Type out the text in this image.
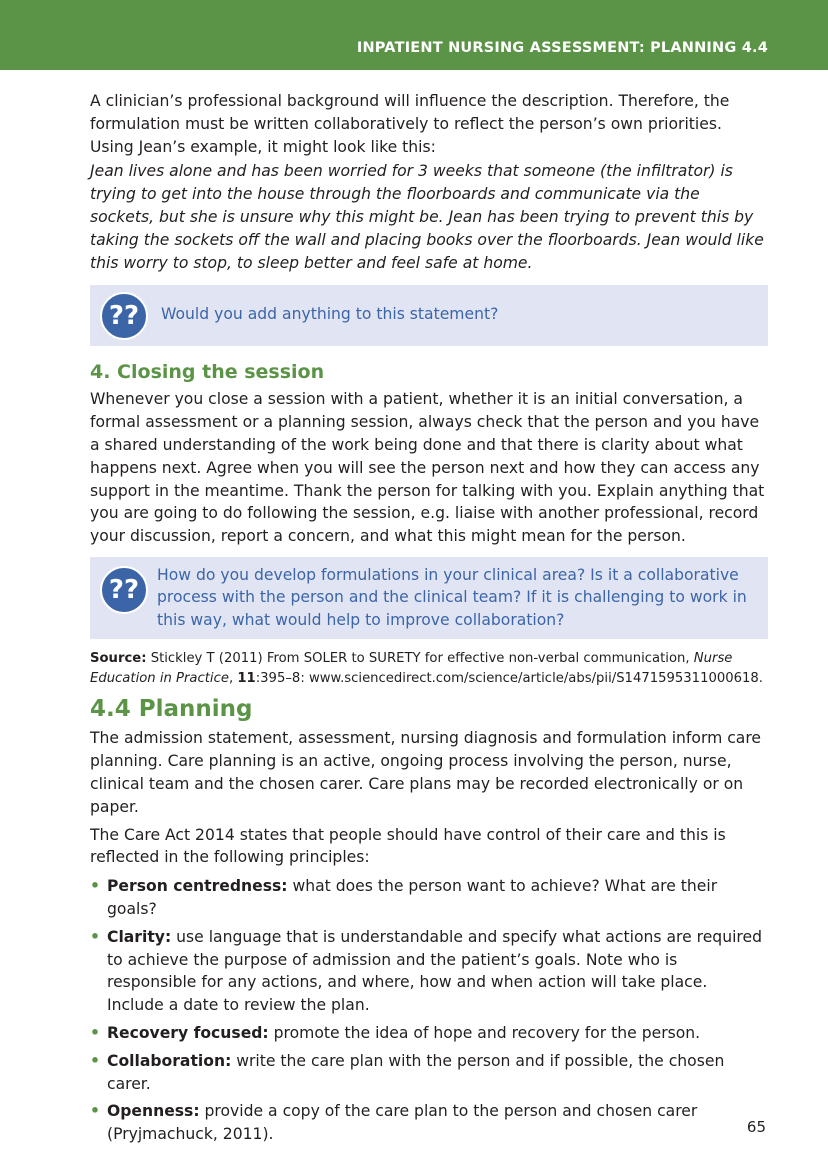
INPATIENT NURSING ASSESSMENT: PLANNING 4.4

A clinician’s professional background will influence the description. Therefore, the formulation must be written collaboratively to reflect the person’s own priorities. Using Jean’s example, it might look like this:

Jean lives alone and has been worried for 3 weeks that someone (the infiltrator) is trying to get into the house through the floorboards and communicate via the sockets, but she is unsure why this might be. Jean has been trying to prevent this by taking the sockets off the wall and placing books over the floorboards. Jean would like this worry to stop, to sleep better and feel safe at home.

?? Would you add anything to this statement?
4. Closing the session

Whenever you close a session with a patient, whether it is an initial conversation, a formal assessment or a planning session, always check that the person and you have a shared understanding of the work being done and that there is clarity about what happens next. Agree when you will see the person next and how they can access any support in the meantime. Thank the person for talking with you. Explain anything that you are going to do following the session, e.g. liaise with another professional, record your discussion, report a concern, and what this might mean for the person.

?? How do you develop formulations in your clinical area? Is it a collaborative process with the person and the clinical team? If it is challenging to work in this way, what would help to improve collaboration?

Source: Stickley T (2011) From SOLER to SURETY for effective non-verbal communication, Nurse Education in Practice, 11:395–8: www.sciencedirect.com/science/article/abs/pii/S1471595311000618.

4.4 Planning

The admission statement, assessment, nursing diagnosis and formulation inform care planning. Care planning is an active, ongoing process involving the person, nurse, clinical team and the chosen carer. Care plans may be recorded electronically or on paper.

The Care Act 2014 states that people should have control of their care and this is reflected in the following principles:

• Person centredness: what does the person want to achieve? What are their goals?
• Clarity: use language that is understandable and specify what actions are required to achieve the purpose of admission and the patient’s goals. Note who is responsible for any actions, and where, how and when action will take place. Include a date to review the plan.
• Recovery focused: promote the idea of hope and recovery for the person.
• Collaboration: write the care plan with the person and if possible, the chosen carer.
• Openness: provide a copy of the care plan to the person and chosen carer (Pryjmachuck, 2011).	65
